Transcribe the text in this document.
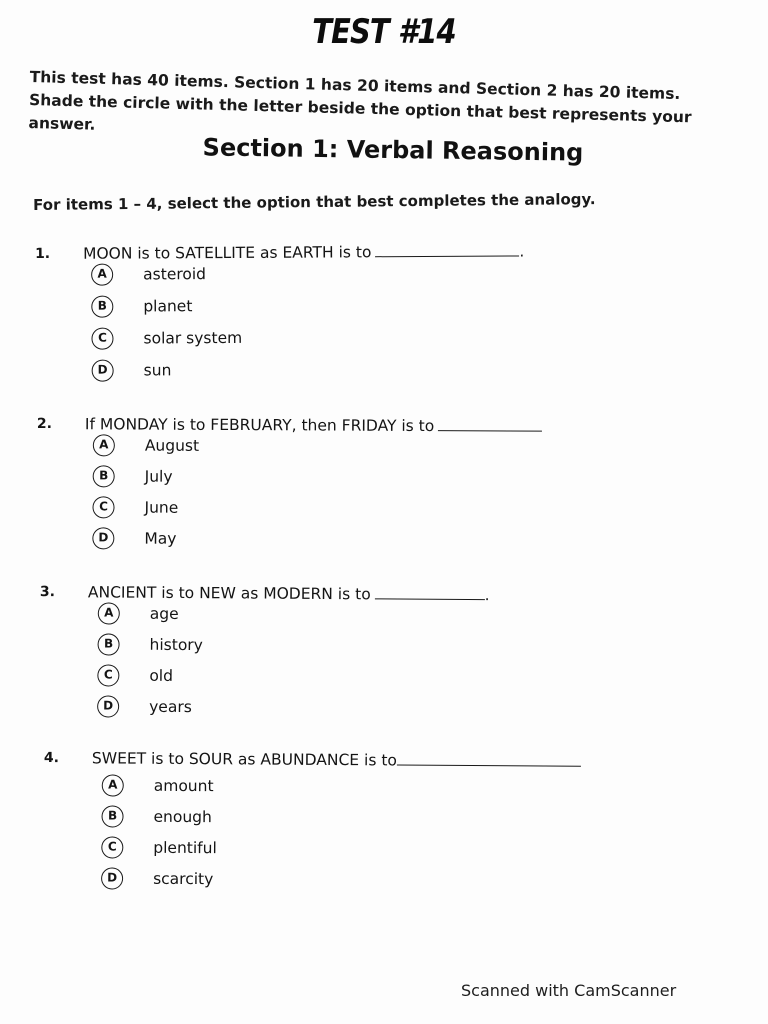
TEST #14
This test has 40 items. Section 1 has 20 items and Section 2 has 20 items. Shade the circle with the letter beside the option that best represents your answer.
Section 1: Verbal Reasoning
For items 1 – 4, select the option that best completes the analogy.
1. MOON is to SATELLITE as EARTH is to	.
A	asteroid
B	planet
C	solar system
D	sun
2. If MONDAY is to FEBRUARY, then FRIDAY is to
A	August
B	July
C	June
D	May
3. ANCIENT is to NEW as MODERN is to	.
A	age
B	history
C	old
D	years
4. SWEET is to SOUR as ABUNDANCE is to
A	amount
B	enough
C	plentiful
D	scarcity
Scanned with CamScanner
